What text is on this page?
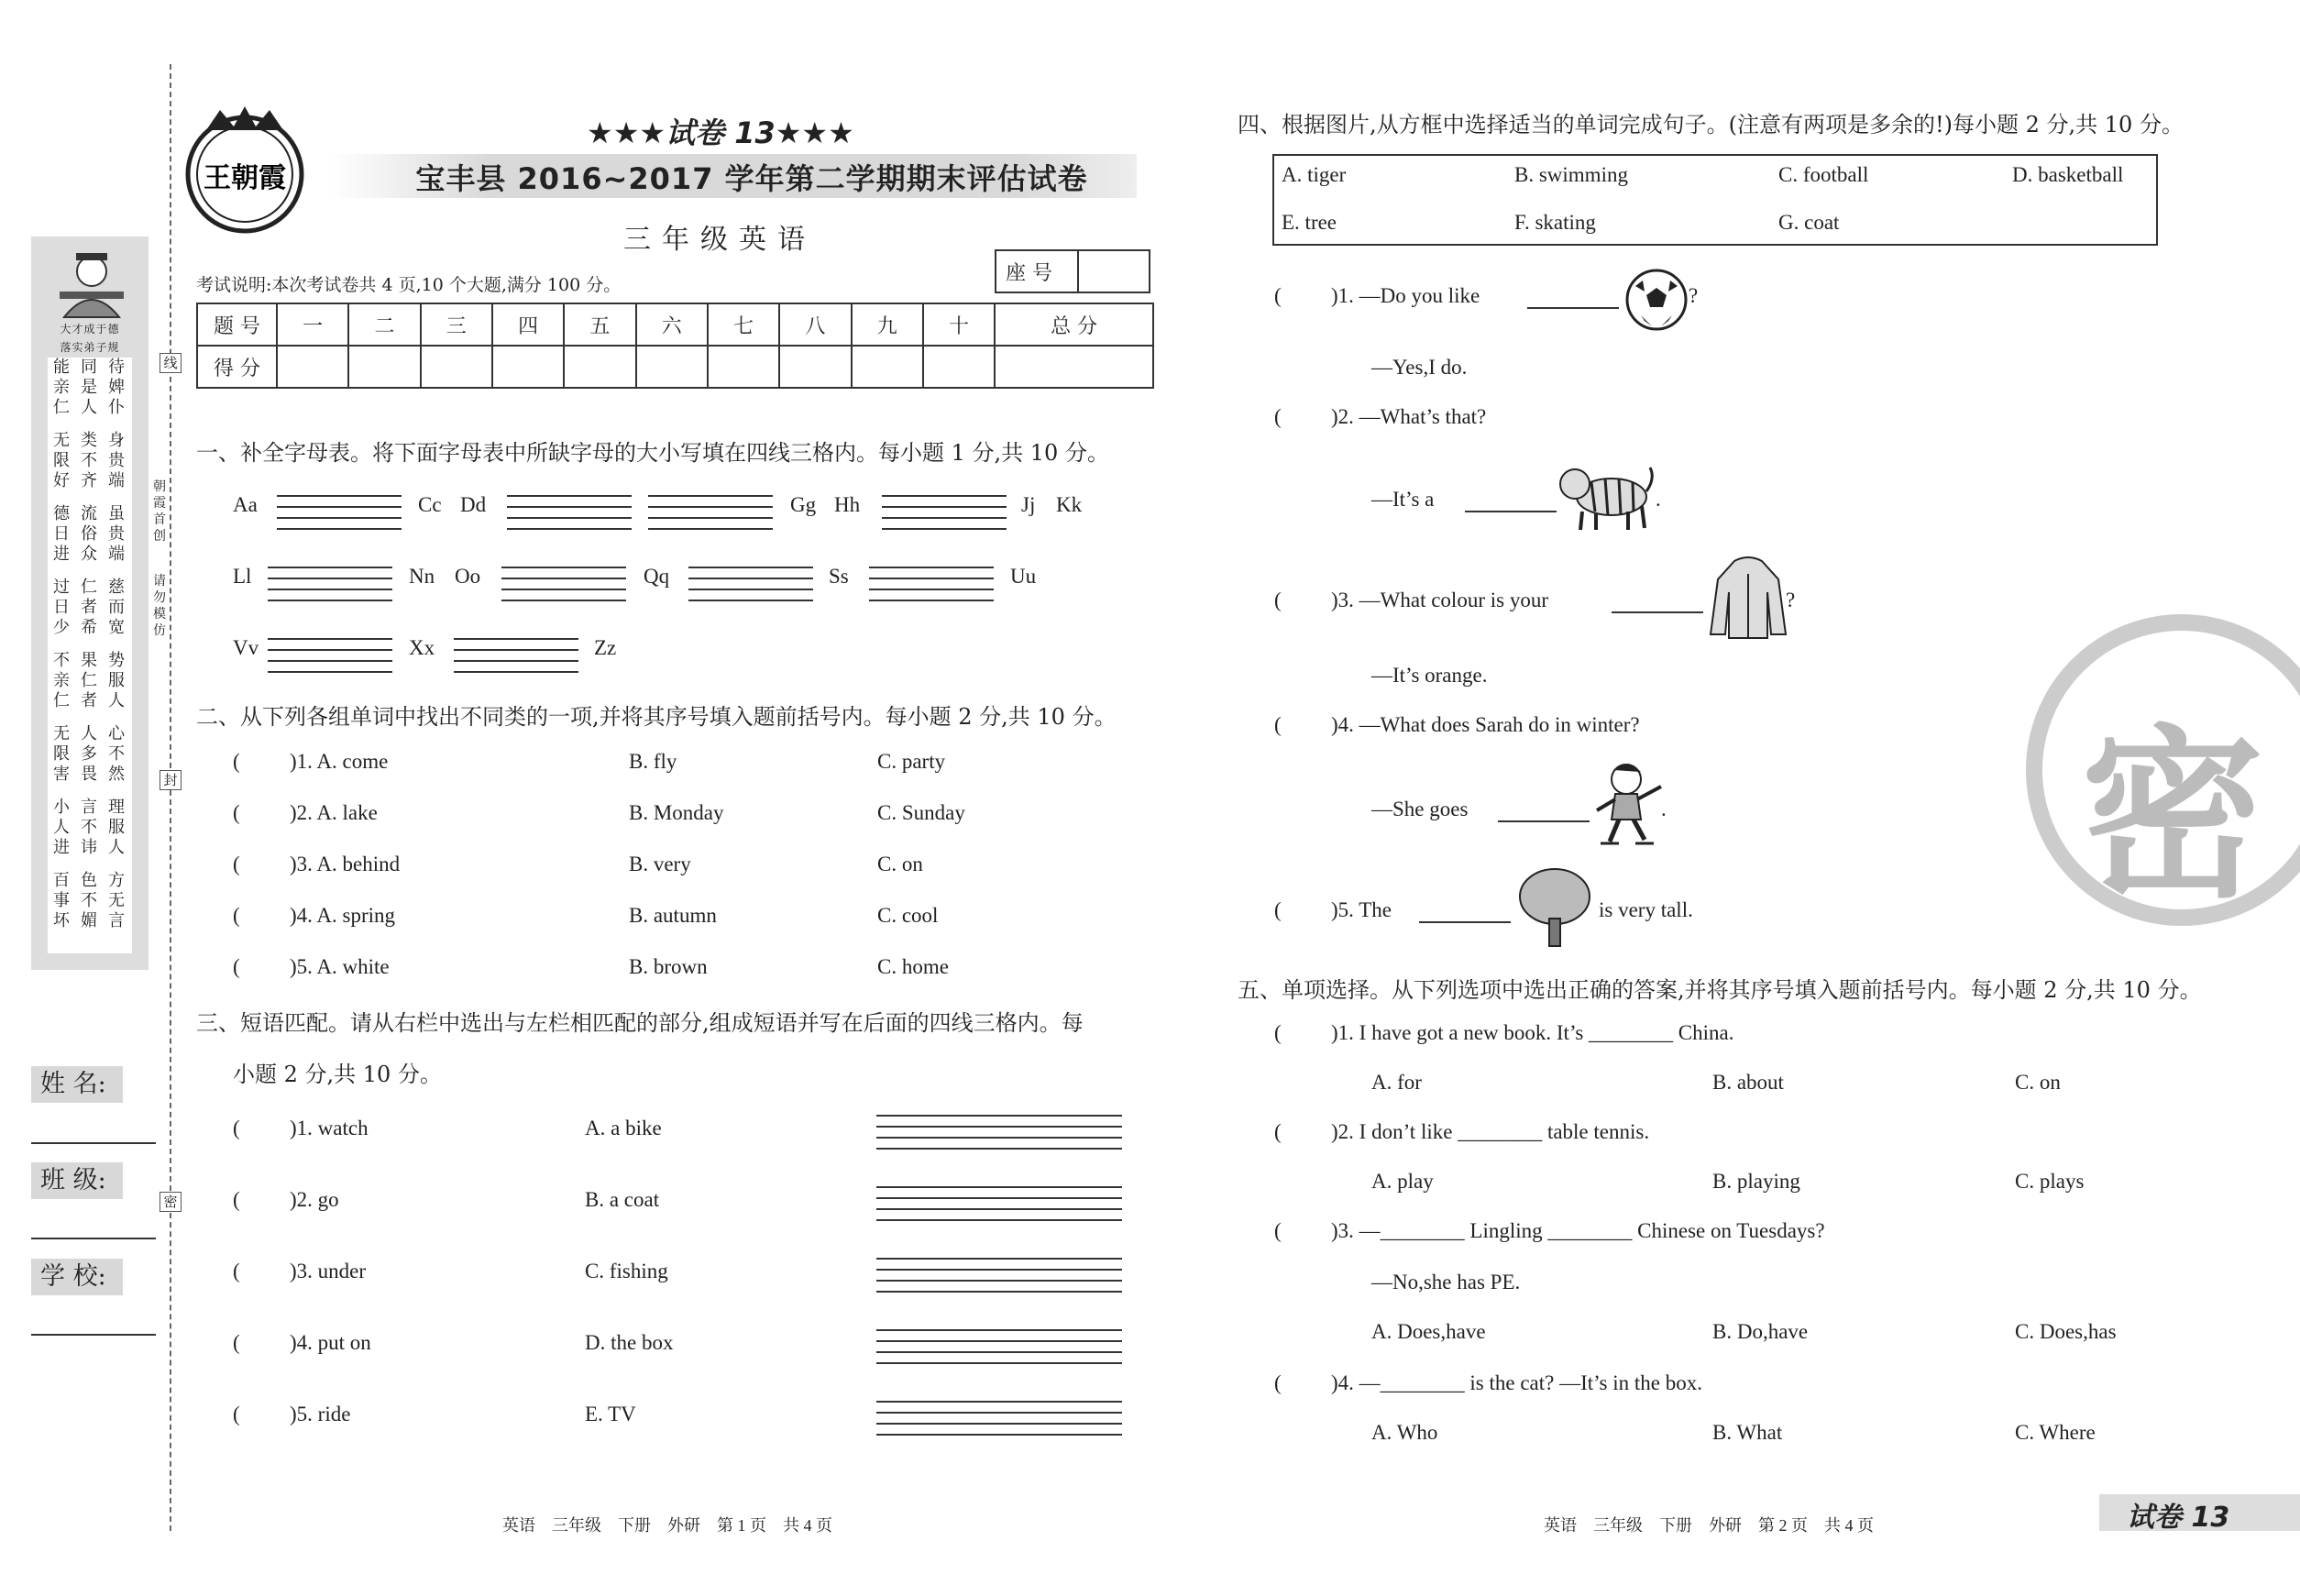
大才成于德
落实弟子规
能亲仁
同是人
待婢仆
无限好
类不齐
身贵端
德日进
流俗众
虽贵端
过日少
仁者希
慈而宽
不亲仁
果仁者
势服人
无限害
人多畏
心不然
小人进
言不讳
理服人
百事坏
色不媚
方无言
线
封
密
朝霞首创
请勿模仿
姓 名:
班 级:
学 校:
王朝霞
★★★试卷 13★★★
宝丰县 2016~2017 学年第二学期期末评估试卷
三年级英语
考试说明:本次考试卷共 4 页,10 个大题,满分 100 分。
座 号	
题 号	一	二	三	四	五	六	七	八	九	十	总 分
得 分											
一、补全字母表。将下面字母表中所缺字母的大小写填在四线三格内。每小题 1 分,共 10 分。
Aa	Cc Dd	Gg Hh	Jj Kk
Ll	Nn Oo	Qq	Ss	Uu
Vv	Xx	Zz
二、从下列各组单词中找出不同类的一项,并将其序号填入题前括号内。每小题 2 分,共 10 分。
( )1. A. come	B. fly	C. party
( )2. A. lake	B. Monday	C. Sunday
( )3. A. behind	B. very	C. on
( )4. A. spring	B. autumn	C. cool
( )5. A. white	B. brown	C. home
三、短语匹配。请从右栏中选出与左栏相匹配的部分,组成短语并写在后面的四线三格内。每
小题 2 分,共 10 分。
( )1. watch	A. a bike
( )2. go	B. a coat
( )3. under	C. fishing
( )4. put on	D. the box
( )5. ride	E. TV
四、根据图片,从方框中选择适当的单词完成句子。(注意有两项是多余的!)每小题 2 分,共 10 分。
A. tiger	B. swimming	C. football	D. basketball
E. tree	F. skating	G. coat
( )1. —Do you like	?
—Yes,I do.
( )2. —What’s that?
—It’s a	.
( )3. —What colour is your	?
—It’s orange.
( )4. —What does Sarah do in winter?
—She goes	.
( )5. The	is very tall. 密
五、单项选择。从下列选项中选出正确的答案,并将其序号填入题前括号内。每小题 2 分,共 10 分。
( )1. I have got a new book. It’s ________ China.
A. for	B. about	C. on
( )2. I don’t like ________ table tennis.
A. play	B. playing	C. plays
( )3. —________ Lingling ________ Chinese on Tuesdays?
—No,she has PE.
A. Does,have	B. Do,have	C. Does,has
( )4. —________ is the cat? —It’s in the box.
A. Who	B. What	C. Where
英语　三年级　下册　外研　第 1 页　共 4 页	英语　三年级　下册　外研　第 2 页　共 4 页	试卷 13
